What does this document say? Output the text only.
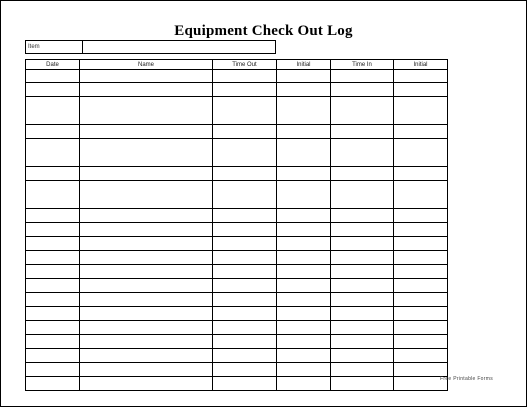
Equipment Check Out Log
Item
Date	Name	Time Out	Initial	Time In	Initial

Free Printable Forms
